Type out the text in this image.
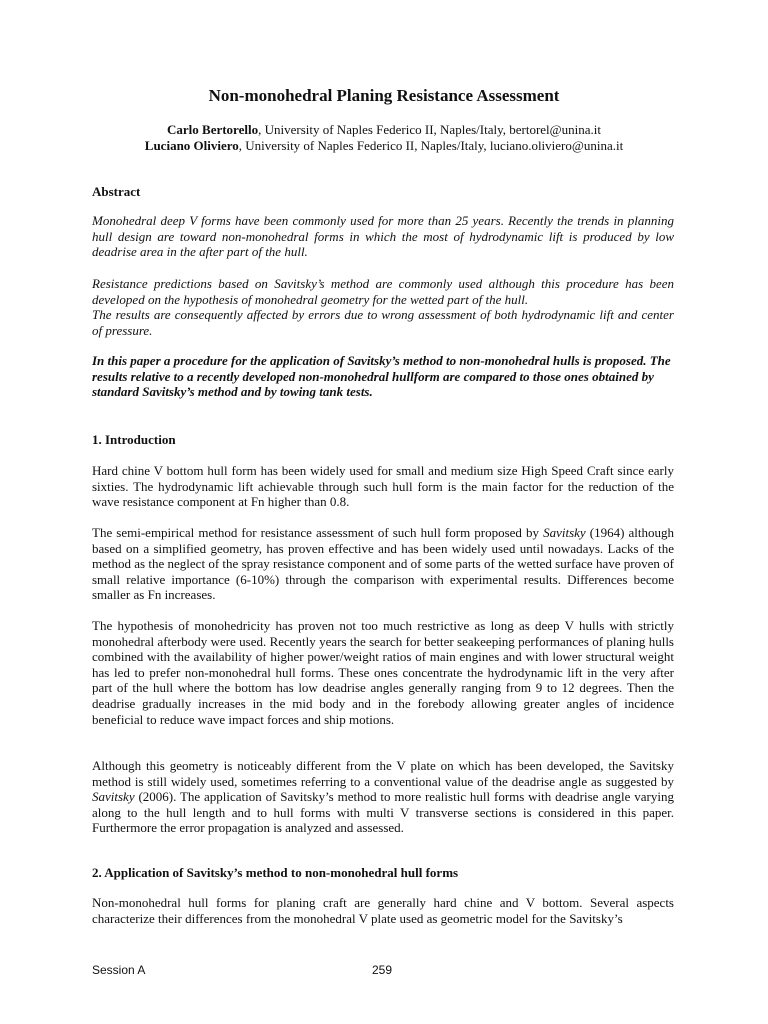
Non-monohedral Planing Resistance Assessment
Carlo Bertorello, University of Naples Federico II, Naples/Italy, bertorel@unina.it
Luciano Oliviero, University of Naples Federico II, Naples/Italy, luciano.oliviero@unina.it
Abstract

Monohedral deep V forms have been commonly used for more than 25 years. Recently the trends in planning hull design are toward non-monohedral forms in which the most of hydrodynamic lift is produced by low deadrise area in the after part of the hull.

Resistance predictions based on Savitsky’s method are commonly used although this procedure has been developed on the hypothesis of monohedral geometry for the wetted part of the hull.

The results are consequently affected by errors due to wrong assessment of both hydrodynamic lift and center of pressure.

In this paper a procedure for the application of Savitsky’s method to non-monohedral hulls is proposed. The results relative to a recently developed non-monohedral hullform are compared to those ones obtained by standard Savitsky’s method and by towing tank tests.

1. Introduction

Hard chine V bottom hull form has been widely used for small and medium size High Speed Craft since early sixties. The hydrodynamic lift achievable through such hull form is the main factor for the reduction of the wave resistance component at Fn higher than 0.8.

The semi-empirical method for resistance assessment of such hull form proposed by Savitsky (1964) although based on a simplified geometry, has proven effective and has been widely used until nowadays. Lacks of the method as the neglect of the spray resistance component and of some parts of the wetted surface have proven of small relative importance (6-10%) through the comparison with experimental results. Differences become smaller as Fn increases.

The hypothesis of monohedricity has proven not too much restrictive as long as deep V hulls with strictly monohedral afterbody were used. Recently years the search for better seakeeping performances of planing hulls combined with the availability of higher power/weight ratios of main engines and with lower structural weight has led to prefer non-monohedral hull forms. These ones concentrate the hydrodynamic lift in the very after part of the hull where the bottom has low deadrise angles generally ranging from 9 to 12 degrees. Then the deadrise gradually increases in the mid body and in the forebody allowing greater angles of incidence beneficial to reduce wave impact forces and ship motions.

Although this geometry is noticeably different from the V plate on which has been developed, the Savitsky method is still widely used, sometimes referring to a conventional value of the deadrise angle as suggested by Savitsky (2006). The application of Savitsky’s method to more realistic hull forms with deadrise angle varying along to the hull length and to hull forms with multi V transverse sections is considered in this paper. Furthermore the error propagation is analyzed and assessed.

2. Application of Savitsky’s method to non-monohedral hull forms

Non-monohedral hull forms for planing craft are generally hard chine and V bottom. Several aspects characterize their differences from the monohedral V plate used as geometric model for the Savitsky’s

Session A	259
